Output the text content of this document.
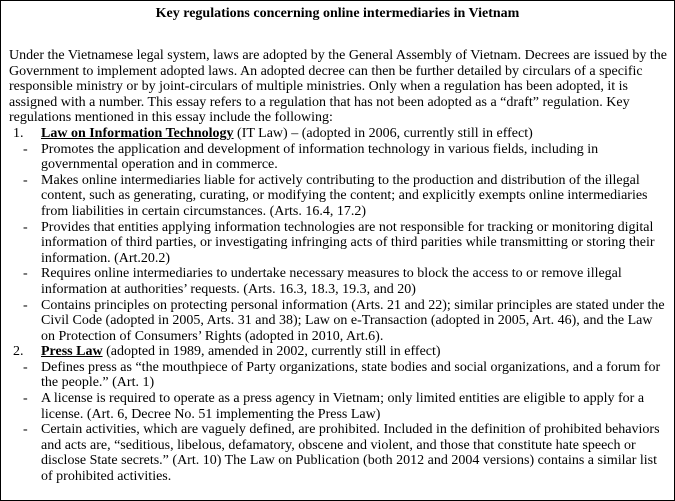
Key regulations concerning online intermediaries in Vietnam

Under the Vietnamese legal system, laws are adopted by the General Assembly of Vietnam. Decrees are issued by the Government to implement adopted laws. An adopted decree can then be further detailed by circulars of a specific responsible ministry or by joint-circulars of multiple ministries. Only when a regulation has been adopted, it is assigned with a number. This essay refers to a regulation that has not been adopted as a “draft” regulation. Key regulations mentioned in this essay include the following:

1. Law on Information Technology (IT Law) – (adopted in 2006, currently still in effect)
- Promotes the application and development of information technology in various fields, including in governmental operation and in commerce.
- Makes online intermediaries liable for actively contributing to the production and distribution of the illegal content, such as generating, curating, or modifying the content; and explicitly exempts online intermediaries from liabilities in certain circumstances. (Arts. 16.4, 17.2)
- Provides that entities applying information technologies are not responsible for tracking or monitoring digital information of third parties, or investigating infringing acts of third parities while transmitting or storing their information. (Art.20.2)
- Requires online intermediaries to undertake necessary measures to block the access to or remove illegal information at authorities’ requests. (Arts. 16.3, 18.3, 19.3, and 20)
- Contains principles on protecting personal information (Arts. 21 and 22); similar principles are stated under the Civil Code (adopted in 2005, Arts. 31 and 38); Law on e-Transaction (adopted in 2005, Art. 46), and the Law on Protection of Consumers’ Rights (adopted in 2010, Art.6).
2. Press Law (adopted in 1989, amended in 2002, currently still in effect)
- Defines press as “the mouthpiece of Party organizations, state bodies and social organizations, and a forum for the people.” (Art. 1)
- A license is required to operate as a press agency in Vietnam; only limited entities are eligible to apply for a license. (Art. 6, Decree No. 51 implementing the Press Law)
- Certain activities, which are vaguely defined, are prohibited. Included in the definition of prohibited behaviors and acts are, “seditious, libelous, defamatory, obscene and violent, and those that constitute hate speech or disclose State secrets.” (Art. 10) The Law on Publication (both 2012 and 2004 versions) contains a similar list of prohibited activities.
